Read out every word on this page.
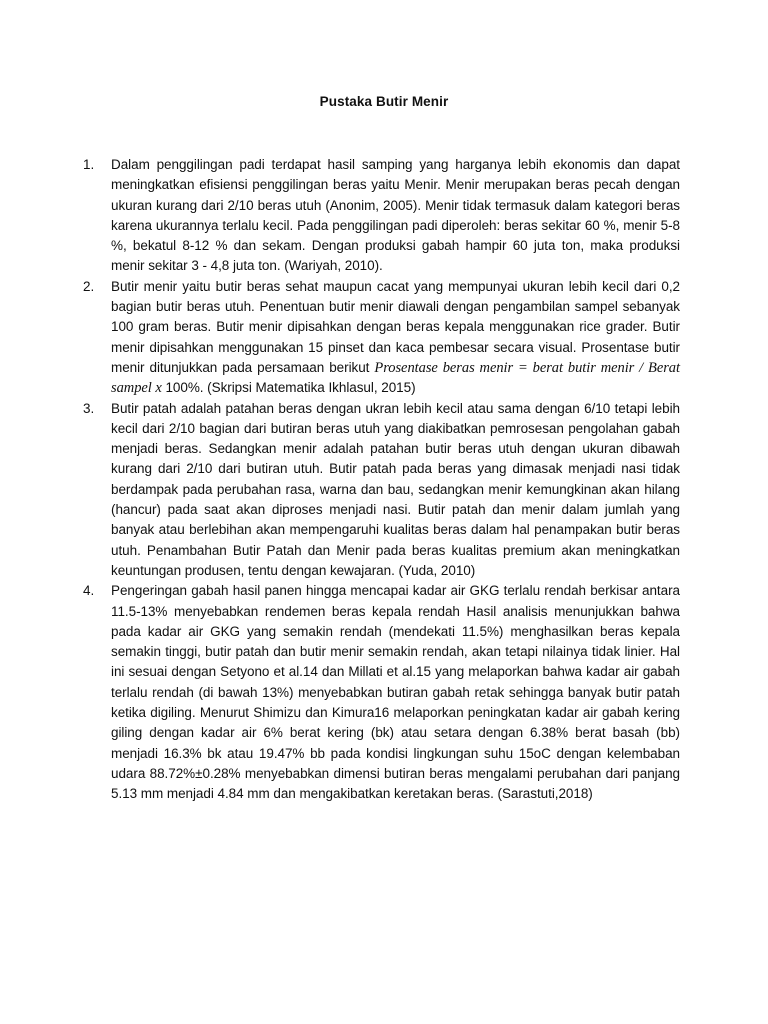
Pustaka Butir Menir
1. Dalam penggilingan padi terdapat hasil samping yang harganya lebih ekonomis dan dapat meningkatkan efisiensi penggilingan beras yaitu Menir. Menir merupakan beras pecah dengan ukuran kurang dari 2/10 beras utuh (Anonim, 2005). Menir tidak termasuk dalam kategori beras karena ukurannya terlalu kecil. Pada penggilingan padi diperoleh: beras sekitar 60 %, menir 5-8 %, bekatul 8-12 % dan sekam. Dengan produksi gabah hampir 60 juta ton, maka produksi menir sekitar 3 - 4,8 juta ton. (Wariyah, 2010).

2. Butir menir yaitu butir beras sehat maupun cacat yang mempunyai ukuran lebih kecil dari 0,2 bagian butir beras utuh. Penentuan butir menir diawali dengan pengambilan sampel sebanyak 100 gram beras. Butir menir dipisahkan dengan beras kepala menggunakan rice grader. Butir menir dipisahkan menggunakan 15 pinset dan kaca pembesar secara visual. Prosentase butir menir ditunjukkan pada persamaan berikut Prosentase beras menir = berat butir menir / Berat sampel x 100%. (Skripsi Matematika Ikhlasul, 2015)

3. Butir patah adalah patahan beras dengan ukran lebih kecil atau sama dengan 6/10 tetapi lebih kecil dari 2/10 bagian dari butiran beras utuh yang diakibatkan pemrosesan pengolahan gabah menjadi beras. Sedangkan menir adalah patahan butir beras utuh dengan ukuran dibawah kurang dari 2/10 dari butiran utuh. Butir patah pada beras yang dimasak menjadi nasi tidak berdampak pada perubahan rasa, warna dan bau, sedangkan menir kemungkinan akan hilang (hancur) pada saat akan diproses menjadi nasi. Butir patah dan menir dalam jumlah yang banyak atau berlebihan akan mempengaruhi kualitas beras dalam hal penampakan butir beras utuh. Penambahan Butir Patah dan Menir pada beras kualitas premium akan meningkatkan keuntungan produsen, tentu dengan kewajaran. (Yuda, 2010)

4. Pengeringan gabah hasil panen hingga mencapai kadar air GKG terlalu rendah berkisar antara 11.5-13% menyebabkan rendemen beras kepala rendah Hasil analisis menunjukkan bahwa pada kadar air GKG yang semakin rendah (mendekati 11.5%) menghasilkan beras kepala semakin tinggi, butir patah dan butir menir semakin rendah, akan tetapi nilainya tidak linier. Hal ini sesuai dengan Setyono et al.14 dan Millati et al.15 yang melaporkan bahwa kadar air gabah terlalu rendah (di bawah 13%) menyebabkan butiran gabah retak sehingga banyak butir patah ketika digiling. Menurut Shimizu dan Kimura16 melaporkan peningkatan kadar air gabah kering giling dengan kadar air 6% berat kering (bk) atau setara dengan 6.38% berat basah (bb) menjadi 16.3% bk atau 19.47% bb pada kondisi lingkungan suhu 15oC dengan kelembaban udara 88.72%±0.28% menyebabkan dimensi butiran beras mengalami perubahan dari panjang 5.13 mm menjadi 4.84 mm dan mengakibatkan keretakan beras. (Sarastuti,2018)
